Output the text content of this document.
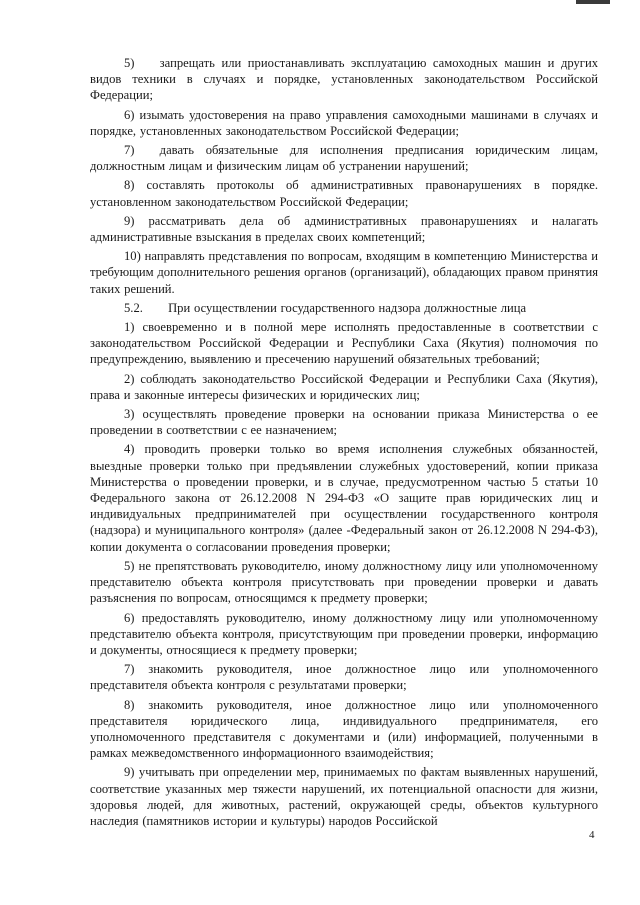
5)  запрещать или приостанавливать эксплуатацию самоходных машин и других видов техники в случаях и порядке, установленных законодательством Российской Федерации;

6) изымать удостоверения на право управления самоходными машинами в случаях и порядке, установленных законодательством Российской Федерации;

7)  давать обязательные для исполнения предписания юридическим лицам, должностным лицам и физическим лицам об устранении нарушений;

8) составлять протоколы об административных правонарушениях в порядке. установленном законодательством Российской Федерации;

9) рассматривать дела об административных правонарушениях и налагать административные взыскания в пределах своих компетенций;

10) направлять представления по вопросам, входящим в компетенцию Министерства и требующим дополнительного решения органов (организаций), обладающих правом принятия таких решений.

5.2.  При осуществлении государственного надзора должностные лица

1) своевременно и в полной мере исполнять предоставленные в соответствии с законодательством Российской Федерации и Республики Саха (Якутия) полномочия по предупреждению, выявлению и пресечению нарушений обязательных требований;

2) соблюдать законодательство Российской Федерации и Республики Саха (Якутия), права и законные интересы физических и юридических лиц;

3) осуществлять проведение проверки на основании приказа Министерства о ее проведении в соответствии с ее назначением;

4) проводить проверки только во время исполнения служебных обязанностей, выездные проверки только при предъявлении служебных удостоверений, копии приказа Министерства о проведении проверки, и в случае, предусмотренном частью 5 статьи 10 Федерального закона от 26.12.2008 N 294-ФЗ «О защите прав юридических лиц и индивидуальных предпринимателей при осуществлении государственного контроля (надзора) и муниципального контроля» (далее -Федеральный закон от 26.12.2008 N 294-ФЗ), копии документа о согласовании проведения проверки;

5) не препятствовать руководителю, иному должностному лицу или уполномоченному представителю объекта контроля присутствовать при проведении проверки и давать разъяснения по вопросам, относящимся к предмету проверки;

6) предоставлять руководителю, иному должностному лицу или уполномоченному представителю объекта контроля, присутствующим при проведении проверки, информацию и документы, относящиеся к предмету проверки;

7) знакомить руководителя, иное должностное лицо или уполномоченного представителя объекта контроля с результатами проверки;

8) знакомить руководителя, иное должностное лицо или уполномоченного представителя юридического лица, индивидуального предпринимателя, его уполномоченного представителя с документами и (или) информацией, полученными в рамках межведомственного информационного взаимодействия;

9) учитывать при определении мер, принимаемых по фактам выявленных нарушений, соответствие указанных мер тяжести нарушений, их потенциальной опасности для жизни, здоровья людей, для животных, растений, окружающей среды, объектов культурного наследия (памятников истории и культуры) народов Российской

4
